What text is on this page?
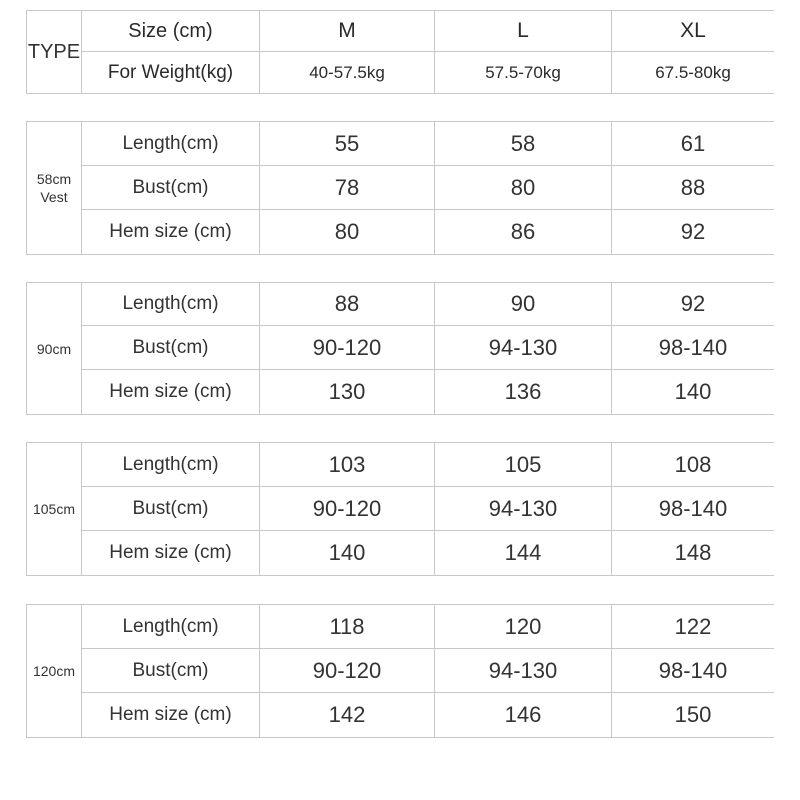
TYPE
Size (cm)	M	L	XL
For Weight(kg)	40-57.5kg	57.5-70kg	67.5-80kg
58cm
Vest
Length(cm)	55	58	61
Bust(cm)	78	80	88
Hem size (cm)	80	86	92
90cm
Length(cm)	88	90	92
Bust(cm)	90-120	94-130	98-140
Hem size (cm)	130	136	140
105cm
Length(cm)	103	105	108
Bust(cm)	90-120	94-130	98-140
Hem size (cm)	140	144	148
120cm
Length(cm)	118	120	122
Bust(cm)	90-120	94-130	98-140
Hem size (cm)	142	146	150
